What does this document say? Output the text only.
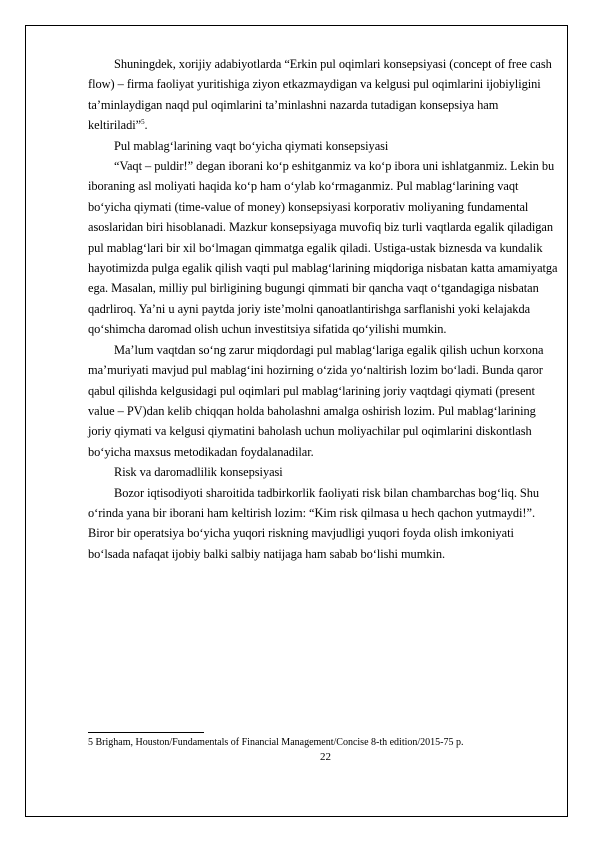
Shuningdek, xorijiy adabiyotlarda “Erkin pul oqimlari konsepsiyasi (concept of free cash flow) – firma faoliyat yuritishiga ziyon etkazmaydigan va kelgusi pul oqimlarini ijobiyligini ta’minlaydigan naqd pul oqimlarini ta’minlashni nazarda tutadigan konsepsiya ham keltiriladi”$^5$.

Pul mablag‘larining vaqt bo‘yicha qiymati konsepsiyasi

“Vaqt – puldir!” degan iborani ko‘p eshitganmiz va ko‘p ibora uni ishlatganmiz. Lekin bu iboraning asl moliyati haqida ko‘p ham o‘ylab ko‘rmaganmiz. Pul mablag‘larining vaqt bo‘yicha qiymati (time-value of money) konsepsiyasi korporativ moliyaning fundamental asoslaridan biri hisoblanadi. Mazkur konsepsiyaga muvofiq biz turli vaqtlarda egalik qiladigan pul mablag‘lari bir xil bo‘lmagan qimmatga egalik qiladi. Ustiga-ustak biznesda va kundalik hayotimizda pulga egalik qilish vaqti pul mablag‘larining miqdoriga nisbatan katta amamiyatga ega. Masalan, milliy pul birligining bugungi qimmati bir qancha vaqt o‘tgandagiga nisbatan qadrliroq. Ya’ni u ayni paytda joriy iste’molni qanoatlantirishga sarflanishi yoki kelajakda qo‘shimcha daromad olish uchun investitsiya sifatida qo‘yilishi mumkin.

Ma’lum vaqtdan so‘ng zarur miqdordagi pul mablag‘lariga egalik qilish uchun korxona ma’muriyati mavjud pul mablag‘ini hozirning o‘zida yo‘naltirish lozim bo‘ladi. Bunda qaror qabul qilishda kelgusidagi pul oqimlari pul mablag‘larining joriy vaqtdagi qiymati (present value – PV)dan kelib chiqqan holda baholashni amalga oshirish lozim. Pul mablag‘larining joriy qiymati va kelgusi qiymatini baholash uchun moliyachilar pul oqimlarini diskontlash bo‘yicha maxsus metodikadan foydalanadilar.

Risk va daromadlilik konsepsiyasi

Bozor iqtisodiyoti sharoitida tadbirkorlik faoliyati risk bilan chambarchas bog‘liq. Shu o‘rinda yana bir iborani ham keltirish lozim: “Kim risk qilmasa u hech qachon yutmaydi!”. Biror bir operatsiya bo‘yicha yuqori riskning mavjudligi yuqori foyda olish imkoniyati bo‘lsada nafaqat ijobiy balki salbiy natijaga ham sabab bo‘lishi mumkin.

5 Brigham, Houston/Fundamentals of Financial Management/Concise 8-th edition/2015-75 p.
22
